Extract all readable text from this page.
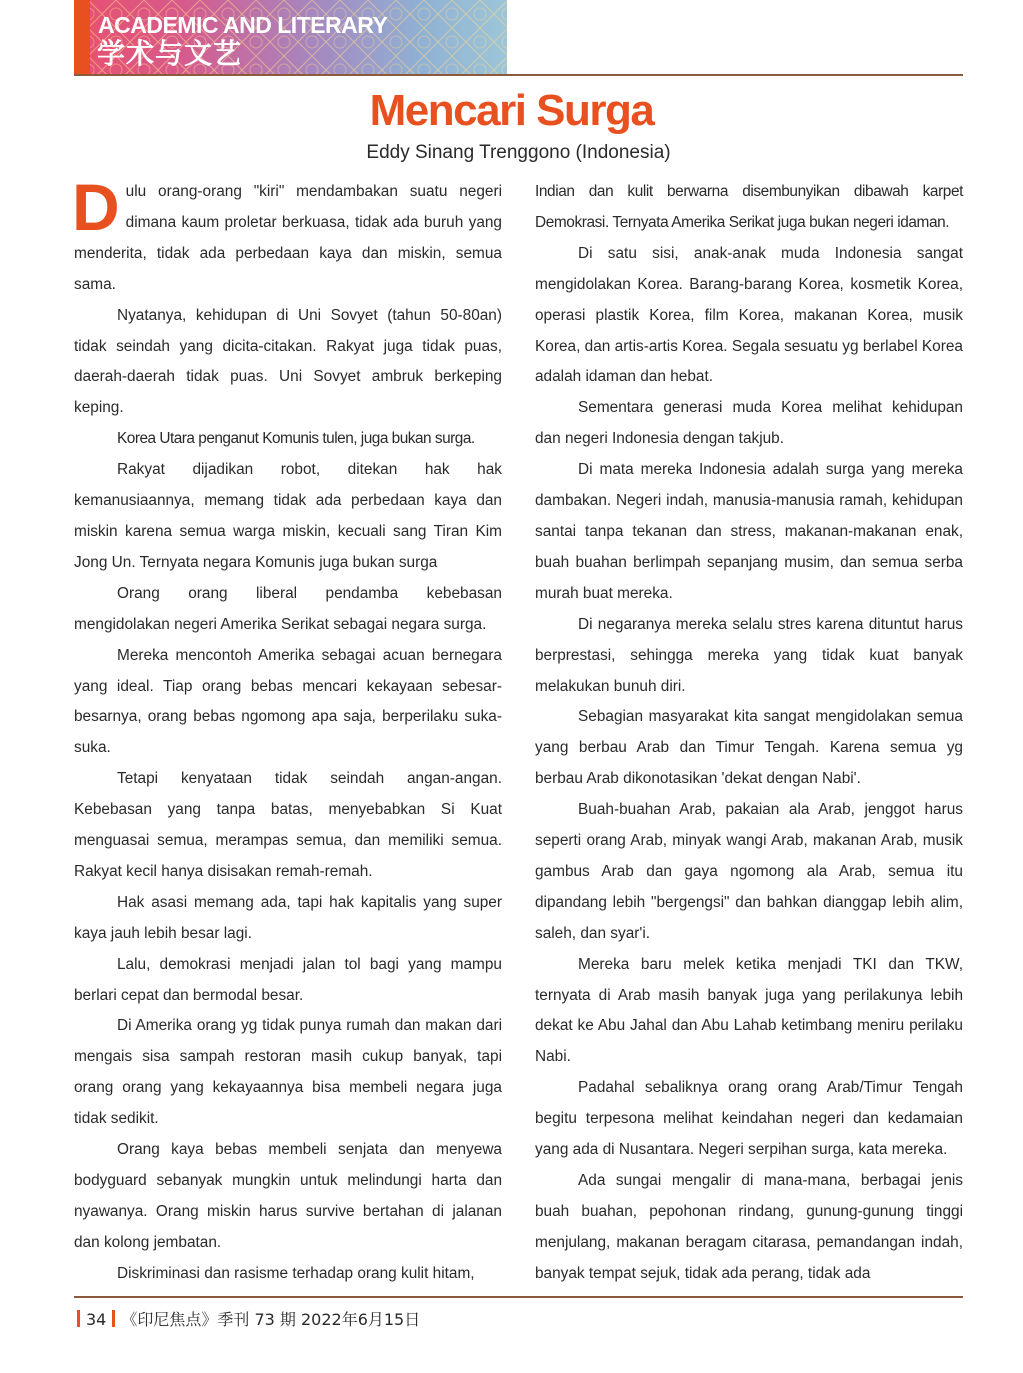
ACADEMIC AND LITERARY
学术与文艺
Mencari Surga
Eddy Sinang Trenggono (Indonesia)

Dulu orang-orang "kiri" mendambakan suatu negeri dimana kaum proletar berkuasa, tidak ada buruh yang menderita, tidak ada perbedaan kaya dan miskin, semua sama.

Nyatanya, kehidupan di Uni Sovyet (tahun 50-80an) tidak seindah yang dicita-citakan. Rakyat juga tidak puas, daerah-daerah tidak puas. Uni Sovyet ambruk berkeping keping.

Korea Utara penganut Komunis tulen, juga bukan surga.

Rakyat dijadikan robot, ditekan hak hak kemanusiaannya, memang tidak ada perbedaan kaya dan miskin karena semua warga miskin, kecuali sang Tiran Kim Jong Un. Ternyata negara Komunis juga bukan surga

Orang orang liberal pendamba kebebasan mengidolakan negeri Amerika Serikat sebagai negara surga.

Mereka mencontoh Amerika sebagai acuan bernegara yang ideal. Tiap orang bebas mencari kekayaan sebesar-besarnya, orang bebas ngomong apa saja, berperilaku suka-suka.

Tetapi kenyataan tidak seindah angan-angan. Kebebasan yang tanpa batas, menyebabkan Si Kuat menguasai semua, merampas semua, dan memiliki semua. Rakyat kecil hanya disisakan remah-remah.

Hak asasi memang ada, tapi hak kapitalis yang super kaya jauh lebih besar lagi.

Lalu, demokrasi menjadi jalan tol bagi yang mampu berlari cepat dan bermodal besar.

Di Amerika orang yg tidak punya rumah dan makan dari mengais sisa sampah restoran masih cukup banyak, tapi orang orang yang kekayaannya bisa membeli negara juga tidak sedikit.

Orang kaya bebas membeli senjata dan menyewa bodyguard sebanyak mungkin untuk melindungi harta dan nyawanya. Orang miskin harus survive bertahan di jalanan dan kolong jembatan.

Diskriminasi dan rasisme terhadap orang kulit hitam,

Indian dan kulit berwarna disembunyikan dibawah karpet Demokrasi. Ternyata Amerika Serikat juga bukan negeri idaman.

Di satu sisi, anak-anak muda Indonesia sangat mengidolakan Korea. Barang-barang Korea, kosmetik Korea, operasi plastik Korea, film Korea, makanan Korea, musik Korea, dan artis-artis Korea. Segala sesuatu yg berlabel Korea adalah idaman dan hebat.

Sementara generasi muda Korea melihat kehidupan dan negeri Indonesia dengan takjub.

Di mata mereka Indonesia adalah surga yang mereka dambakan. Negeri indah, manusia-manusia ramah, kehidupan santai tanpa tekanan dan stress, makanan-makanan enak, buah buahan berlimpah sepanjang musim, dan semua serba murah buat mereka.

Di negaranya mereka selalu stres karena dituntut harus berprestasi, sehingga mereka yang tidak kuat banyak melakukan bunuh diri.

Sebagian masyarakat kita sangat mengidolakan semua yang berbau Arab dan Timur Tengah. Karena semua yg berbau Arab dikonotasikan 'dekat dengan Nabi'.

Buah-buahan Arab, pakaian ala Arab, jenggot harus seperti orang Arab, minyak wangi Arab, makanan Arab, musik gambus Arab dan gaya ngomong ala Arab, semua itu dipandang lebih "bergengsi" dan bahkan dianggap lebih alim, saleh, dan syar'i.

Mereka baru melek ketika menjadi TKI dan TKW, ternyata di Arab masih banyak juga yang perilakunya lebih dekat ke Abu Jahal dan Abu Lahab ketimbang meniru perilaku Nabi.

Padahal sebaliknya orang orang Arab/Timur Tengah begitu terpesona melihat keindahan negeri dan kedamaian yang ada di Nusantara. Negeri serpihan surga, kata mereka.

Ada sungai mengalir di mana-mana, berbagai jenis buah buahan, pepohonan rindang, gunung-gunung tinggi menjulang, makanan beragam citarasa, pemandangan indah, banyak tempat sejuk, tidak ada perang, tidak ada

34 《印尼焦点》季刊 73 期 2022年6月15日
